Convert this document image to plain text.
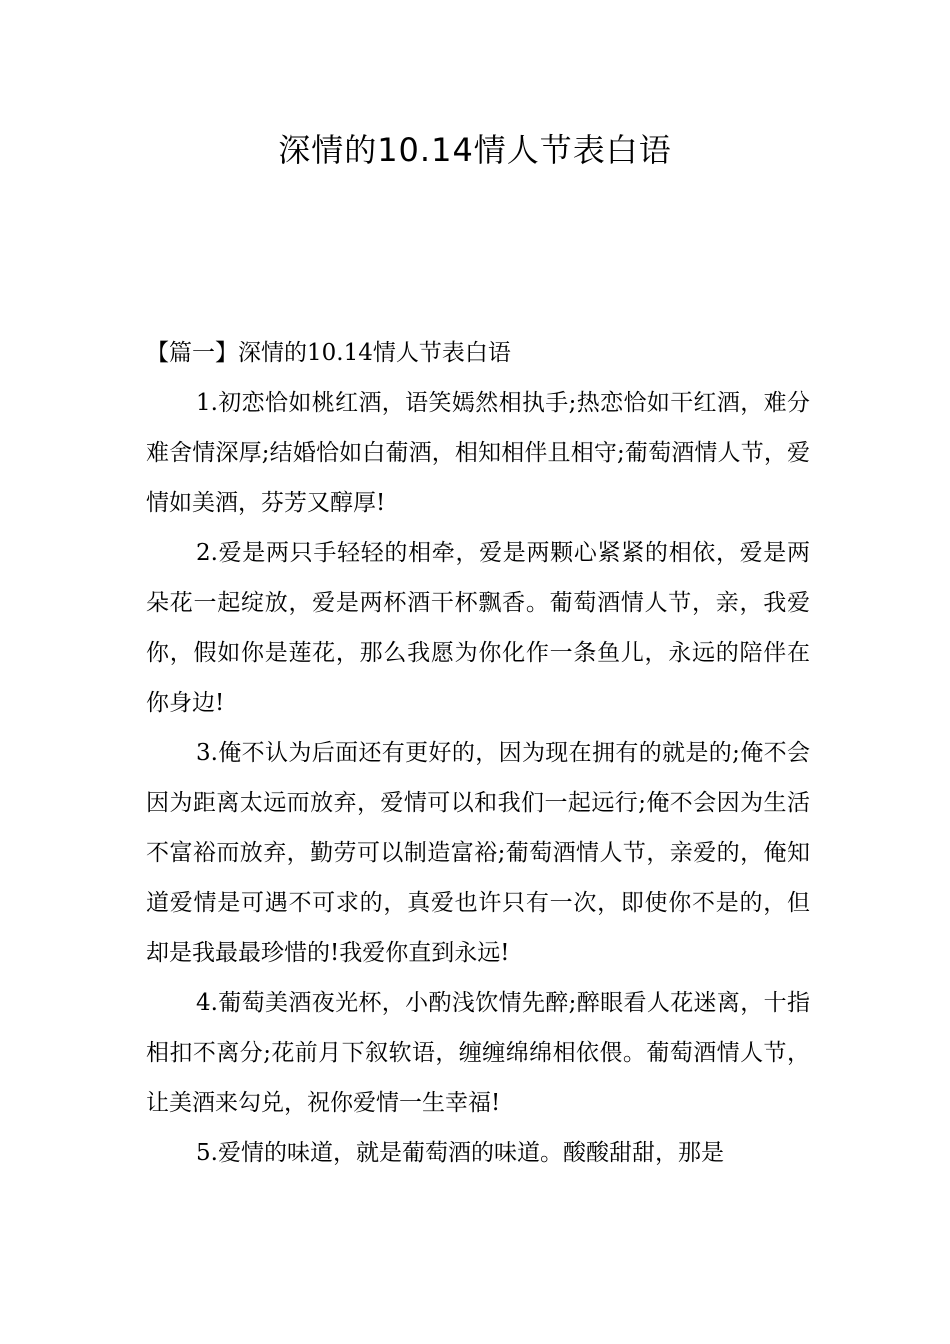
深情的10.14情人节表白语

【篇一】深情的10.14情人节表白语

1.初恋恰如桃红酒，语笑嫣然相执手;热恋恰如干红酒，难分难舍情深厚;结婚恰如白葡酒，相知相伴且相守;葡萄酒情人节，爱情如美酒，芬芳又醇厚!

2.爱是两只手轻轻的相牵，爱是两颗心紧紧的相依，爱是两朵花一起绽放，爱是两杯酒干杯飘香。葡萄酒情人节，亲，我爱你，假如你是莲花，那么我愿为你化作一条鱼儿，永远的陪伴在你身边!

3.俺不认为后面还有更好的，因为现在拥有的就是的;俺不会因为距离太远而放弃，爱情可以和我们一起远行;俺不会因为生活不富裕而放弃，勤劳可以制造富裕;葡萄酒情人节，亲爱的，俺知道爱情是可遇不可求的，真爱也许只有一次，即使你不是的，但却是我最最珍惜的!我爱你直到永远!

4.葡萄美酒夜光杯，小酌浅饮情先醉;醉眼看人花迷离，十指相扣不离分;花前月下叙软语，缠缠绵绵相依偎。葡萄酒情人节，让美酒来勾兑，祝你爱情一生幸福!

5.爱情的味道，就是葡萄酒的味道。酸酸甜甜，那是
